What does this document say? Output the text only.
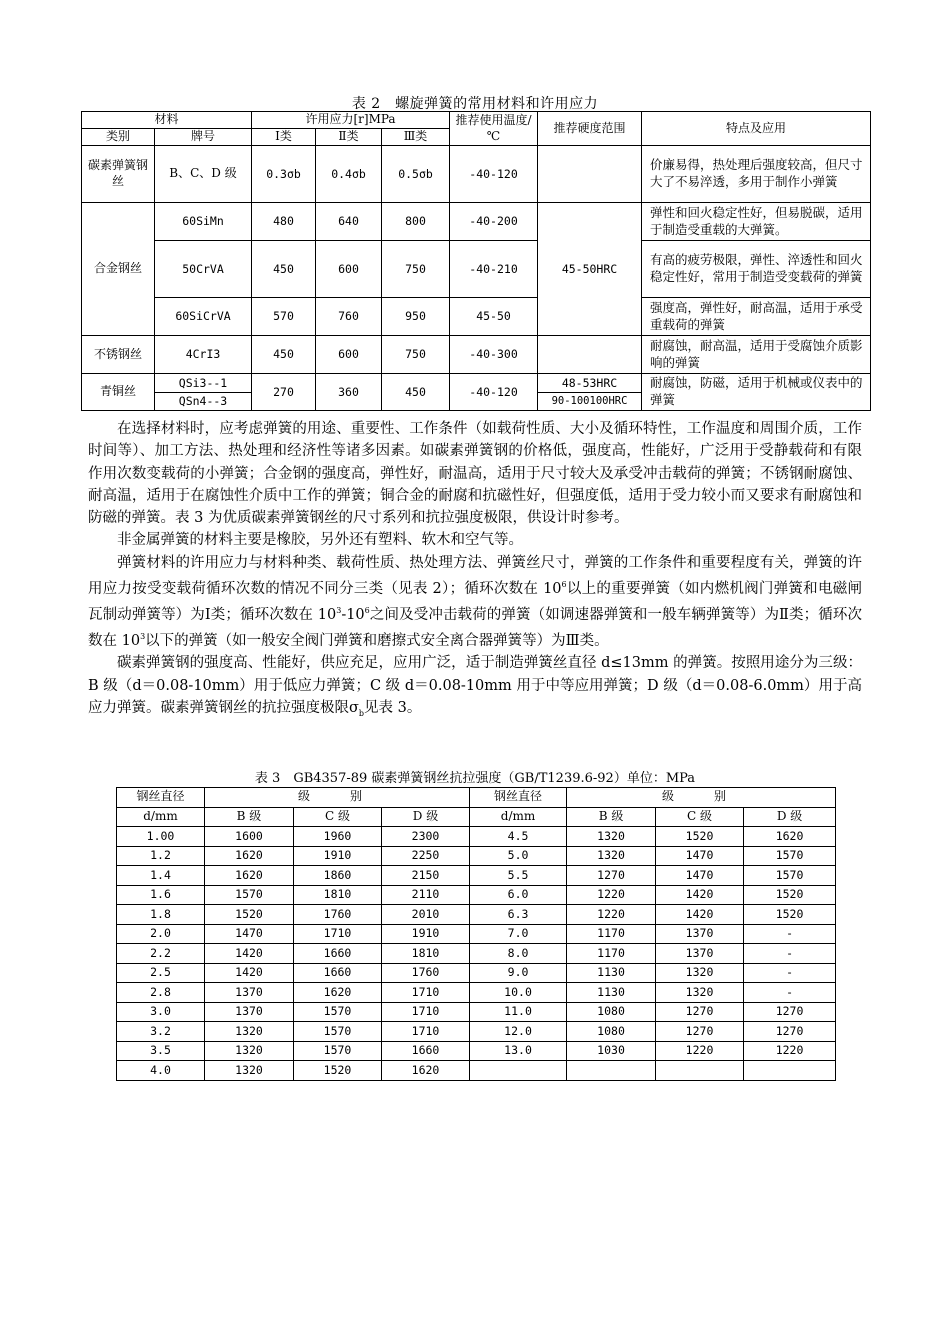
表 2　螺旋弹簧的常用材料和许用应力
材料		许用应力[r]MPa			推荐使用温度/℃	推荐硬度范围	特点及应用
类别	牌号	Ⅰ类	Ⅱ类	Ⅲ类			
碳素弹簧钢丝	B、C、D 级	0.3σb	0.4σb	0.5σb	-40-120		价廉易得，热处理后强度较高，但尺寸大了不易淬透，多用于制作小弹簧
合金钢丝	60SiMn	480	640	800	-40-200	45-50HRC	弹性和回火稳定性好，但易脱碳，适用于制造受重载的大弹簧。
	50CrVA	450	600	750	-40-210		有高的疲劳极限，弹性、淬透性和回火稳定性好，常用于制造受变载荷的弹簧
	60SiCrVA	570	760	950	45-50		强度高，弹性好，耐高温，适用于承受重载荷的弹簧
不锈钢丝	4CrI3	450	600	750	-40-300		耐腐蚀，耐高温，适用于受腐蚀介质影响的弹簧
青铜丝	QSi3--1	270	360	450	-40-120	48-53HRC	耐腐蚀，防磁，适用于机械或仪表中的弹簧
	QSn4--3					90-100100HRC	

在选择材料时，应考虑弹簧的用途、重要性、工作条件（如载荷性质、大小及循环特性，工作温度和周围介质，工作时间等）、加工方法、热处理和经济性等诸多因素。如碳素弹簧钢的价格低，强度高，性能好，广泛用于受静载荷和有限作用次数变载荷的小弹簧；合金钢的强度高，弹性好，耐温高，适用于尺寸较大及承受冲击载荷的弹簧；不锈钢耐腐蚀、耐高温，适用于在腐蚀性介质中工作的弹簧；铜合金的耐腐和抗磁性好，但强度低，适用于受力较小而又要求有耐腐蚀和防磁的弹簧。表 3 为优质碳素弹簧钢丝的尺寸系列和抗拉强度极限，供设计时参考。

非金属弹簧的材料主要是橡胶，另外还有塑料、软木和空气等。

弹簧材料的许用应力与材料种类、载荷性质、热处理方法、弹簧丝尺寸，弹簧的工作条件和重要程度有关，弹簧的许用应力按受变载荷循环次数的情况不同分三类（见表 2）；循环次数在 $10^6$以上的重要弹簧（如内燃机阀门弹簧和电磁闸瓦制动弹簧等）为Ⅰ类；循环次数在 $10^3-10^6$之间及受冲击载荷的弹簧（如调速器弹簧和一般车辆弹簧等）为Ⅱ类；循环次数在 $10^3$以下的弹簧（如一般安全阀门弹簧和磨擦式安全离合器弹簧等）为Ⅲ类。

碳素弹簧钢的强度高、性能好，供应充足，应用广泛，适于制造弹簧丝直径 d≤13mm 的弹簧。按照用途分为三级：B 级（d＝0.08-10mm）用于低应力弹簧；C 级 d＝0.08-10mm 用于中等应用弹簧；D 级（d＝0.08-6.0mm）用于高应力弹簧。碳素弹簧钢丝的抗拉强度极限$\sigma_b$见表 3。

表 3　GB4357-89 碳素弹簧钢丝抗拉强度（GB/T1239.6-92）单位：MPa
钢丝直径	级　别			钢丝直径	级　别		
d/mm	B 级	C 级	D 级	d/mm	B 级	C 级	D 级
1.00	1600	1960	2300	4.5	1320	1520	1620
1.2	1620	1910	2250	5.0	1320	1470	1570
1.4	1620	1860	2150	5.5	1270	1470	1570
1.6	1570	1810	2110	6.0	1220	1420	1520
1.8	1520	1760	2010	6.3	1220	1420	1520
2.0	1470	1710	1910	7.0	1170	1370	-
2.2	1420	1660	1810	8.0	1170	1370	-
2.5	1420	1660	1760	9.0	1130	1320	-
2.8	1370	1620	1710	10.0	1130	1320	-
3.0	1370	1570	1710	11.0	1080	1270	1270
3.2	1320	1570	1710	12.0	1080	1270	1270
3.5	1320	1570	1660	13.0	1030	1220	1220
4.0	1320	1520	1620				
